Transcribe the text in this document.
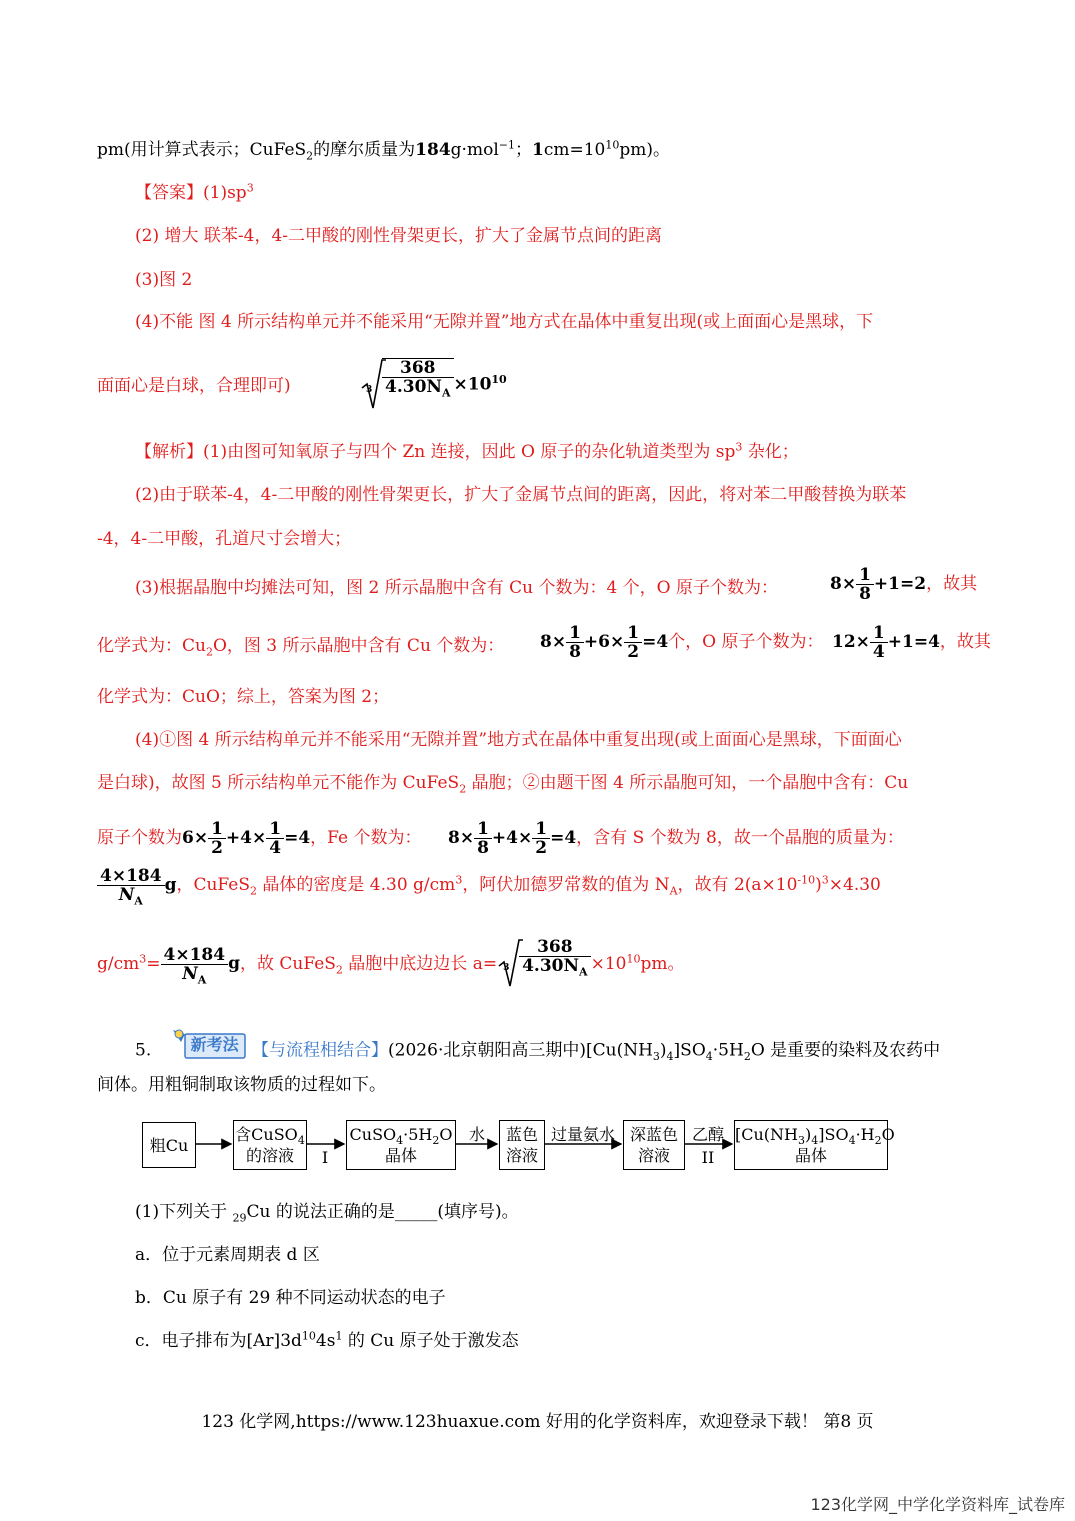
pm(用计算式表示；CuFeS$_2$的摩尔质量为184g·mol$^{-1}$；$1cm=10^{10}pm$)。
【答案】$(1)sp^3$
(2) 增大 联苯-4，4-二甲酸的刚性骨架更长，扩大了金属节点间的距离
(3)图 2
(4)不能 图 4 所示结构单元并不能采用“无隙并置”地方式在晶体中重复出现(或上面面心是黑球，下
面面心是白球，合理即可)	$3 \frac{368}{4.30N_A} \times 10^{10}$
【解析】(1)由图可知氧原子与四个 Zn 连接，因此 O 原子的杂化轨道类型为 $sp^3$ 杂化；
(2)由于联苯-4，4-二甲酸的刚性骨架更长，扩大了金属节点间的距离，因此，将对苯二甲酸替换为联苯
-4，4-二甲酸，孔道尺寸会增大；
(3)根据晶胞中均摊法可知，图 2 所示晶胞中含有 Cu 个数为：4 个，O 原子个数为：	$8\times \frac{1}{8} +1=2$，故其
化学式为：$Cu_2O$，图 3 所示晶胞中含有 Cu 个数为： $8\times \frac{1}{8} +6\times \frac{1}{2} =4$个，O 原子个数为： $12\times \frac{1}{4} +1=4$，故其
化学式为：CuO；综上，答案为图 2；
(4)①图 4 所示结构单元并不能采用“无隙并置”地方式在晶体中重复出现(或上面面心是黑球，下面面心
是白球)，故图 5 所示结构单元不能作为 CuFeS$_2$ 晶胞；②由题干图 4 所示晶胞可知，一个晶胞中含有：Cu
原子个数为$6\times \frac{1}{2} +4\times \frac{1}{4} =4$，Fe 个数为： $8\times \frac{1}{8} +4\times \frac{1}{2} =4$，含有 S 个数为 8，故一个晶胞的质量为：
$\frac{4\times 184}{N_A}$ g，CuFeS$_2$ 晶体的密度是 4.30 $g/cm^3$，阿伏加德罗常数的值为 $N_A$，故有 $2(a\times 10^{-10})^3\times 4.30$
$g/cm^3= \frac{4\times 184}{N_A}$ g，故 CuFeS$_2$ 晶胞中底边边长 $a= 3 \frac{368}{4.30N_A} \times 10^{10}pm$。
5. 新考法 【与流程相结合】(2026·北京朝阳高三期中)$[Cu(NH_3)_4]SO_4\cdot 5H_2O$ 是重要的染料及农药中
间体。用粗铜制取该物质的过程如下。
粗Cu
含CuSO$_4$
的溶液	I
$CuSO_4\cdot 5H_2O$
晶体
水	蓝色
溶液
过量氨水 深蓝色
溶液
乙醇
II
$[Cu(NH_3)_4]SO_4\cdot H_2O$
晶体
(1)下列关于 $_{29}$Cu 的说法正确的是_____(填序号)。
a．位于元素周期表 d 区
b．Cu 原子有 29 种不同运动状态的电子
c．电子排布为$[Ar]3d^{10}4s^1$ 的 Cu 原子处于激发态
123 化学网,https://www.123huaxue.com 好用的化学资料库，欢迎登录下载！ 第8 页
123化学网_中学化学资料库_试卷库
